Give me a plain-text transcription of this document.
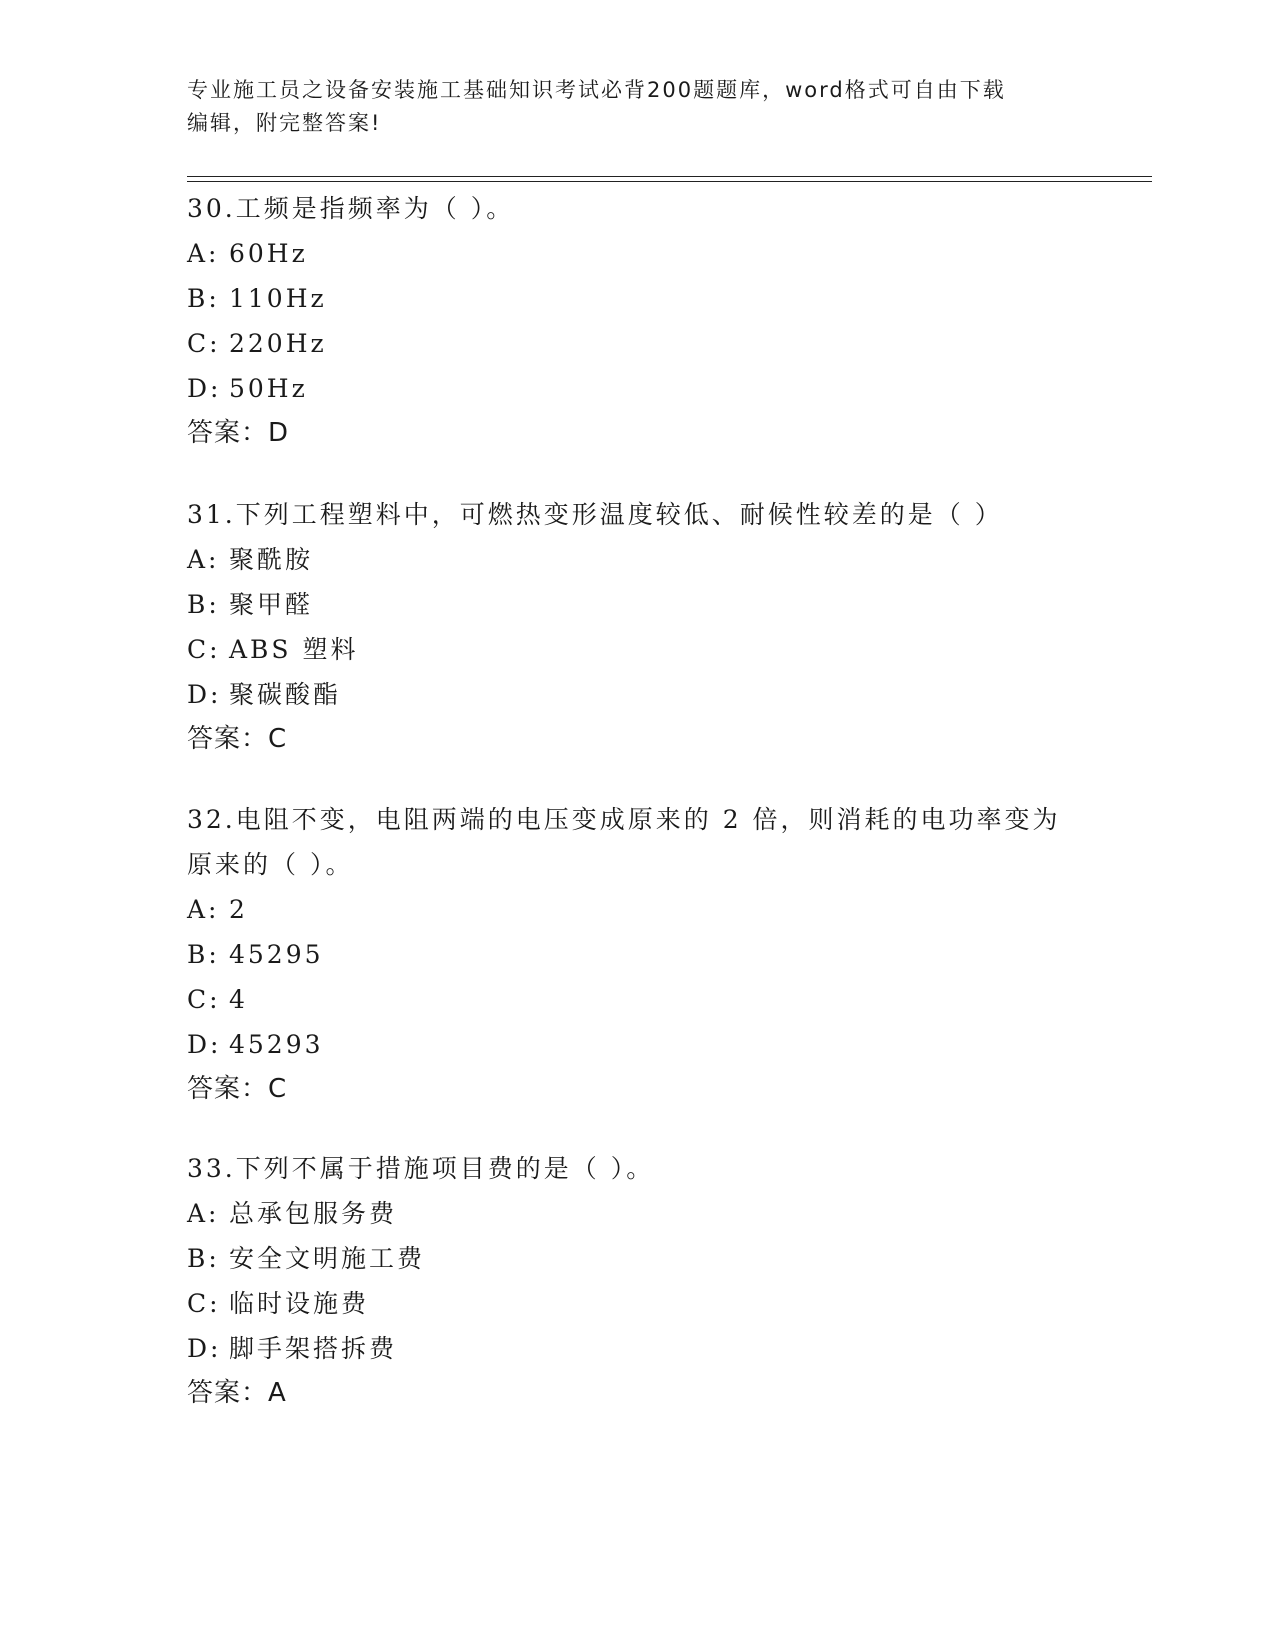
专业施工员之设备安装施工基础知识考试必背200题题库，word格式可自由下载
编辑，附完整答案!
30.工频是指频率为（ ）。
A: 60Hz
B: 110Hz
C: 220Hz
D: 50Hz
答案：D
31.下列工程塑料中，可燃热变形温度较低、耐候性较差的是（ ）
A: 聚酰胺
B: 聚甲醛
C: ABS 塑料
D: 聚碳酸酯
答案：C
32.电阻不变，电阻两端的电压变成原来的 2 倍，则消耗的电功率变为
原来的（ ）。
A: 2
B: 45295
C: 4
D: 45293
答案：C
33.下列不属于措施项目费的是（ ）。
A: 总承包服务费
B: 安全文明施工费
C: 临时设施费
D: 脚手架搭拆费
答案：A
